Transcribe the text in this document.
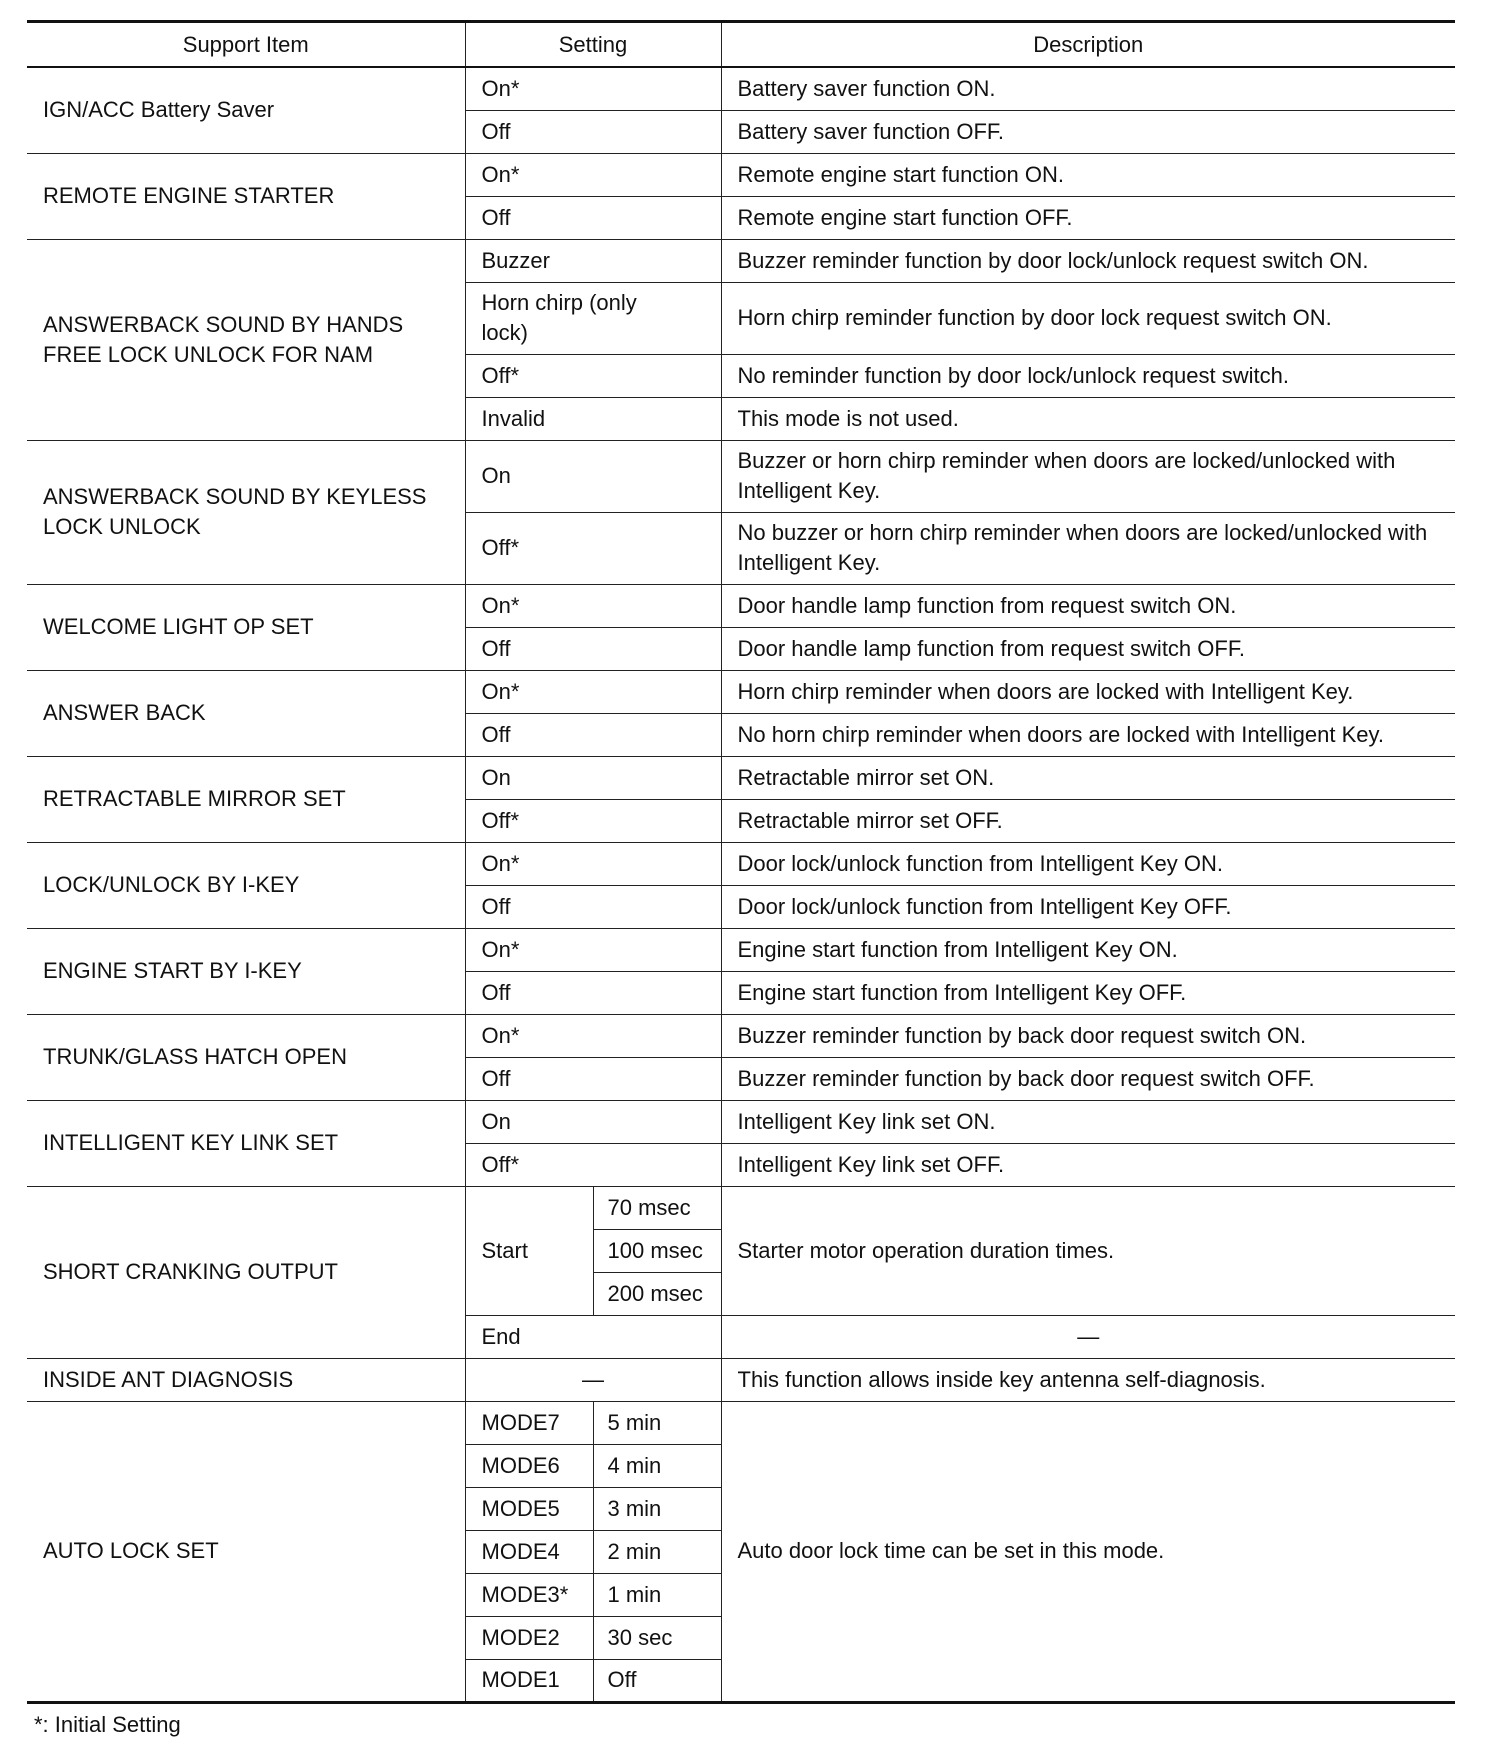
Support Item	Setting		Description
IGN/ACC Battery Saver	On*		Battery saver function ON.
	Off		Battery saver function OFF.
REMOTE ENGINE STARTER	On*		Remote engine start function ON.
	Off		Remote engine start function OFF.
ANSWERBACK SOUND BY HANDS FREE LOCK UNLOCK FOR NAM	Buzzer		Buzzer reminder function by door lock/unlock request switch ON.
	Horn chirp (only lock)		Horn chirp reminder function by door lock request switch ON.
	Off*		No reminder function by door lock/unlock request switch.
	Invalid		This mode is not used.
ANSWERBACK SOUND BY KEYLESS LOCK UNLOCK	On		Buzzer or horn chirp reminder when doors are locked/unlocked with Intelligent Key.
	Off*		No buzzer or horn chirp reminder when doors are locked/unlocked with Intelligent Key.
WELCOME LIGHT OP SET	On*		Door handle lamp function from request switch ON.
	Off		Door handle lamp function from request switch OFF.
ANSWER BACK	On*		Horn chirp reminder when doors are locked with Intelligent Key.
	Off		No horn chirp reminder when doors are locked with Intelligent Key.
RETRACTABLE MIRROR SET	On		Retractable mirror set ON.
	Off*		Retractable mirror set OFF.
LOCK/UNLOCK BY I-KEY	On*		Door lock/unlock function from Intelligent Key ON.
	Off		Door lock/unlock function from Intelligent Key OFF.
ENGINE START BY I-KEY	On*		Engine start function from Intelligent Key ON.
	Off		Engine start function from Intelligent Key OFF.
TRUNK/GLASS HATCH OPEN	On*		Buzzer reminder function by back door request switch ON.
	Off		Buzzer reminder function by back door request switch OFF.
INTELLIGENT KEY LINK SET	On		Intelligent Key link set ON.
	Off*		Intelligent Key link set OFF.
SHORT CRANKING OUTPUT	Start	70 msec	Starter motor operation duration times.
		100 msec	
		200 msec	
	End		—
INSIDE ANT DIAGNOSIS	—		This function allows inside key antenna self-diagnosis.
AUTO LOCK SET	MODE7	5 min	Auto door lock time can be set in this mode.
	MODE6	4 min	
	MODE5	3 min	
	MODE4	2 min	
	MODE3*	1 min	
	MODE2	30 sec	
	MODE1	Off	
*: Initial Setting
